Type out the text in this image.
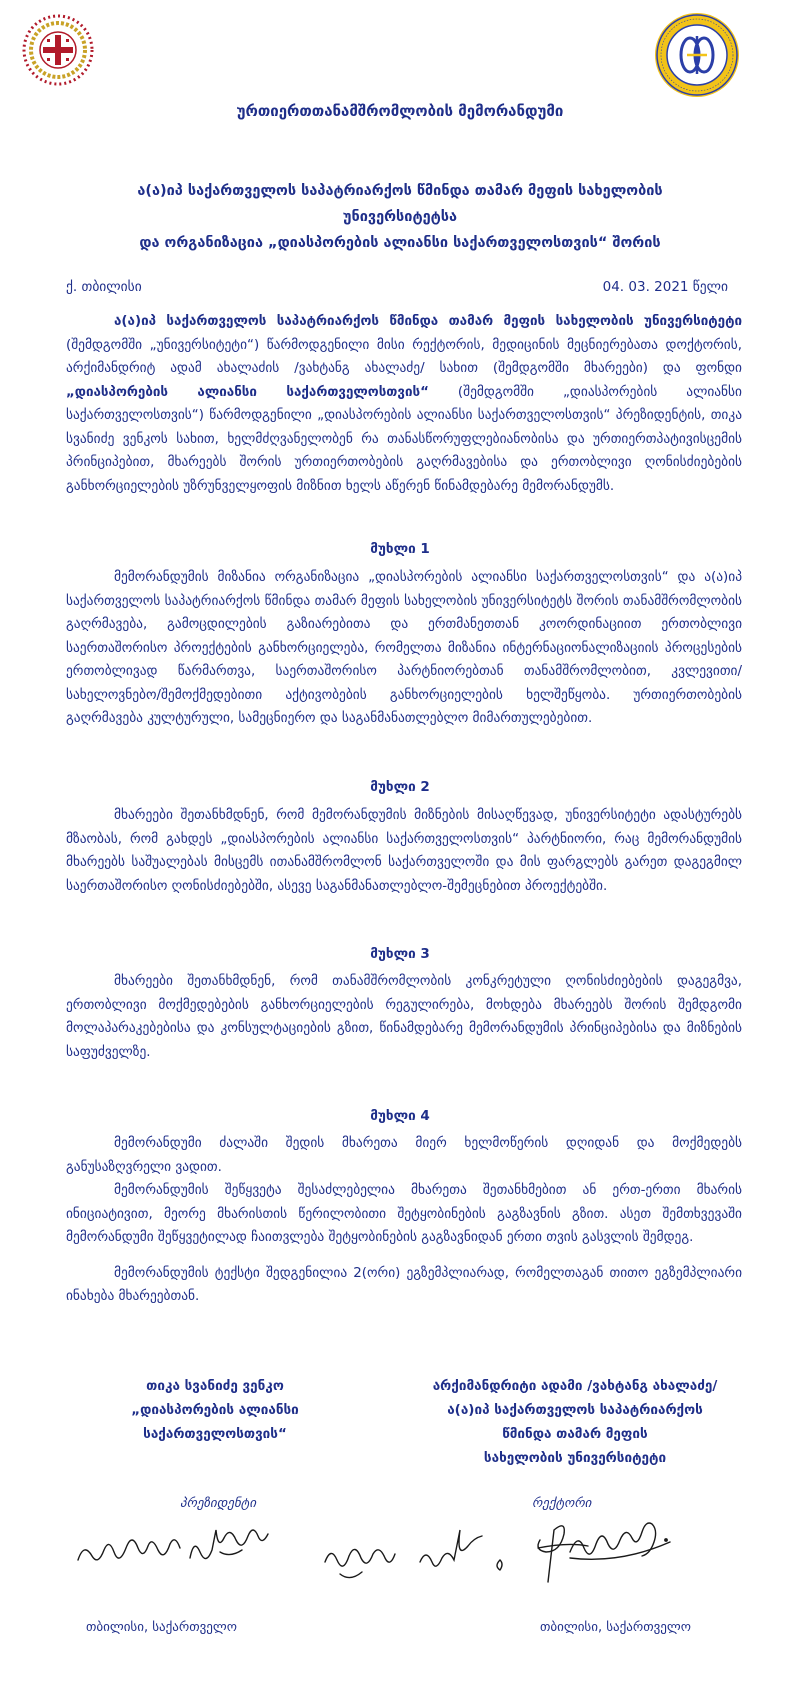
ურთიერთთანამშრომლობის მემორანდუმი
ა(ა)იპ საქართველოს საპატრიარქოს წმინდა თამარ მეფის სახელობის უნივერსიტეტსა
და ორგანიზაცია „დიასპორების ალიანსი საქართველოსთვის“ შორის
ქ. თბილისი	04. 03. 2021 წელი

ა(ა)იპ საქართველოს საპატრიარქოს წმინდა თამარ მეფის სახელობის უნივერსიტეტი (შემდგომში „უნივერსიტეტი“) წარმოდგენილი მისი რექტორის, მედიცინის მეცნიერებათა დოქტორის, არქიმანდრიტ ადამ ახალაძის /ვახტანგ ახალაძე/ სახით (შემდგომში მხარეები) და ფონდი „დიასპორების ალიანსი საქართველოსთვის“ (შემდგომში „დიასპორების ალიანსი საქართველოსთვის“) წარმოდგენილი „დიასპორების ალიანსი საქართველოსთვის“ პრეზიდენტის, თიკა სვანიძე ვენკოს სახით, ხელმძღვანელობენ რა თანასწორუფლებიანობისა და ურთიერთპატივისცემის პრინციპებით, მხარეებს შორის ურთიერთობების გაღრმავებისა და ერთობლივი ღონისძიებების განხორციელების უზრუნველყოფის მიზნით ხელს აწერენ წინამდებარე მემორანდუმს.

მუხლი 1

მემორანდუმის მიზანია ორგანიზაცია „დიასპორების ალიანსი საქართველოსთვის“ და ა(ა)იპ საქართველოს საპატრიარქოს წმინდა თამარ მეფის სახელობის უნივერსიტეტს შორის თანამშრომლობის გაღრმავება, გამოცდილების გაზიარებითა და ერთმანეთთან კოორდინაციით ერთობლივი საერთაშორისო პროექტების განხორციელება, რომელთა მიზანია ინტერნაციონალიზაციის პროცესების ერთობლივად წარმართვა, საერთაშორისო პარტნიორებთან თანამშრომლობით, კვლევითი/სახელოვნებო/შემოქმედებითი აქტივობების განხორციელების ხელშეწყობა. ურთიერთობების გაღრმავება კულტურული, სამეცნიერო და საგანმანათლებლო მიმართულებებით.

მუხლი 2

მხარეები შეთანხმდნენ, რომ მემორანდუმის მიზნების მისაღწევად, უნივერსიტეტი ადასტურებს მზაობას, რომ გახდეს „დიასპორების ალიანსი საქართველოსთვის“ პარტნიორი, რაც მემორანდუმის მხარეებს საშუალებას მისცემს ითანამშრომლონ საქართველოში და მის ფარგლებს გარეთ დაგეგმილ საერთაშორისო ღონისძიებებში, ასევე საგანმანათლებლო-შემეცნებით პროექტებში.

მუხლი 3

მხარეები შეთანხმდნენ, რომ თანამშრომლობის კონკრეტული ღონისძიებების დაგეგმვა, ერთობლივი მოქმედებების განხორციელების რეგულირება, მოხდება მხარეებს შორის შემდგომი მოლაპარაკებებისა და კონსულტაციების გზით, წინამდებარე მემორანდუმის პრინციპებისა და მიზნების საფუძველზე.

მუხლი 4

მემორანდუმი ძალაში შედის მხარეთა მიერ ხელმოწერის დღიდან და მოქმედებს განუსაზღვრელი ვადით.

მემორანდუმის შეწყვეტა შესაძლებელია მხარეთა შეთანხმებით ან ერთ-ერთი მხარის ინიციატივით, მეორე მხარისთის წერილობითი შეტყობინების გაგზავნის გზით. ასეთ შემთხვევაში მემორანდუმი შეწყვეტილად ჩაითვლება შეტყობინების გაგზავნიდან ერთი თვის გასვლის შემდეგ.

მემორანდუმის ტექსტი შედგენილია 2(ორი) ეგზემპლიარად, რომელთაგან თითო ეგზემპლიარი ინახება მხარეებთან.

თიკა სვანიძე ვენკო
„დიასპორების ალიანსი
საქართველოსთვის“
არქიმანდრიტი ადამი /ვახტანგ ახალაძე/
ა(ა)იპ საქართველოს საპატრიარქოს
წმინდა თამარ მეფის
სახელობის უნივერსიტეტი
პრეზიდენტი	რექტორი
თბილისი, საქართველო	თბილისი, საქართველო
